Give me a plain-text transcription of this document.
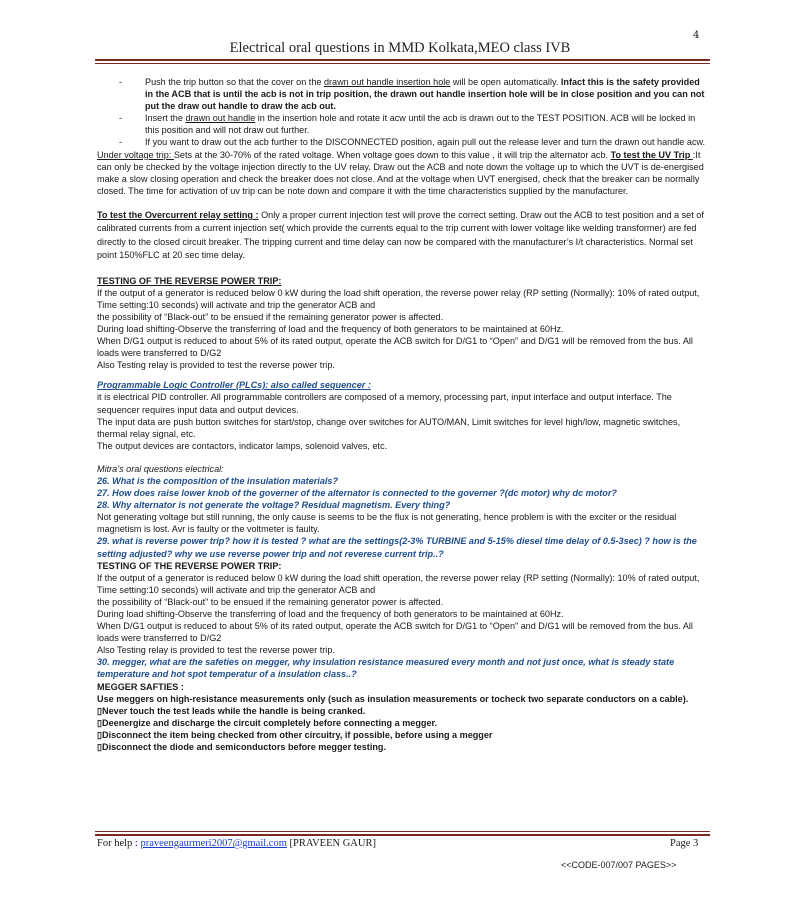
4
Electrical oral questions in MMD Kolkata,MEO class IVB

-	Push the trip button so that the cover on the drawn out handle insertion hole will be open automatically. Infact this is the safety provided in the ACB that is until the acb is not in trip position, the drawn out handle insertion hole will be in close position and you can not put the draw out handle to draw the acb out.

-	Insert the drawn out handle in the insertion hole and rotate it acw until the acb is drawn out to the TEST POSITION. ACB will be locked in this position and will not draw out further.

-	If you want to draw out the acb further to the DISCONNECTED position, again pull out the release lever and turn the drawn out handle acw.

Under voltage trip: Sets at the 30-70% of the rated voltage. When voltage goes down to this value , it will trip the alternator acb. To test the UV Trip :It can only be checked by the voltage injection directly to the UV relay. Draw out the ACB and note down the voltage up to which the UVT is de-energised make a slow closing operation and check the breaker does not close. And at the voltage when UVT energised, check that the breaker can be normally closed. The time for activation of uv trip can be note down and compare it with the time characteristics supplied by the manufacturer.

To test the Overcurrent relay setting : Only a proper current injection test will prove the correct setting. Draw out the ACB to test position and a set of calibrated currents from a current injection set( which provide the currents equal to the trip current with lower voltage like welding transformer) are fed directly to the closed circuit breaker. The tripping current and time delay can now be compared with the manufacturer’s I/t characteristics. Normal set point 150%FLC at 20 sec time delay.

TESTING OF THE REVERSE POWER TRIP:

If the output of a generator is reduced below 0 kW during the load shift operation, the reverse power relay (RP setting (Normally): 10% of rated output, Time setting:10 seconds) will activate and trip the generator ACB and

the possibility of “Black-out” to be ensued if the remaining generator power is affected.

During load shifting-Observe the transferring of load and the frequency of both generators to be maintained at 60Hz.

When D/G1 output is reduced to about 5% of its rated output, operate the ACB switch for D/G1 to “Open” and D/G1 will be removed from the bus. All loads were transferred to D/G2

Also Testing relay is provided to test the reverse power trip.

Programmable Logic Controller (PLCs): also called sequencer :

it is electrical PID controller. All programmable controllers are composed of a memory, processing part, input interface and output interface. The sequencer requires input data and output devices.

The input data are push button switches for start/stop, change over switches for AUTO/MAN, Limit switches for level high/low, magnetic switches, thermal relay signal, etc.

The output devices are contactors, indicator lamps, solenoid valves, etc.

Mitra’s oral questions electrical:

26. What is the composition of the insulation materials?

27. How does raise lower knob of the governer of the alternator is connected to the governer ?(dc motor) why dc motor?

28. Why alternator is not generate the voltage? Residual magnetism. Every thing?

Not generating voltage but still running, the only cause is seems to be the flux is not generating, hence problem is with the exciter or the residual magnetism is lost. Avr is faulty or the voltmeter is faulty.

29. what is reverse power trip? how it is tested ? what are the settings(2-3% TURBINE and 5-15% diesel time delay of 0.5-3sec) ? how is the setting adjusted? why we use reverse power trip and not reverese current trip..?

TESTING OF THE REVERSE POWER TRIP:

If the output of a generator is reduced below 0 kW during the load shift operation, the reverse power relay (RP setting (Normally): 10% of rated output, Time setting:10 seconds) will activate and trip the generator ACB and

the possibility of “Black-out” to be ensued if the remaining generator power is affected.

During load shifting-Observe the transferring of load and the frequency of both generators to be maintained at 60Hz.

When D/G1 output is reduced to about 5% of its rated output, operate the ACB switch for D/G1 to “Open” and D/G1 will be removed from the bus. All loads were transferred to D/G2

Also Testing relay is provided to test the reverse power trip.

30. megger, what are the safeties on megger, why insulation resistance measured every month and not just once, what is steady state temperature and hot spot temperatur of a insulation class..?

MEGGER SAFTIES :

Use meggers on high-resistance measurements only (such as insulation measurements or tocheck two separate conductors on a cable).

▯Never touch the test leads while the handle is being cranked.

▯Deenergize and discharge the circuit completely before connecting a megger.

▯Disconnect the item being checked from other circuitry, if possible, before using a megger

▯Disconnect the diode and semiconductors before megger testing.

For help : praveengaurmeri2007@gmail.com [PRAVEEN GAUR]	Page 3
<<CODE-007/007 PAGES>>
